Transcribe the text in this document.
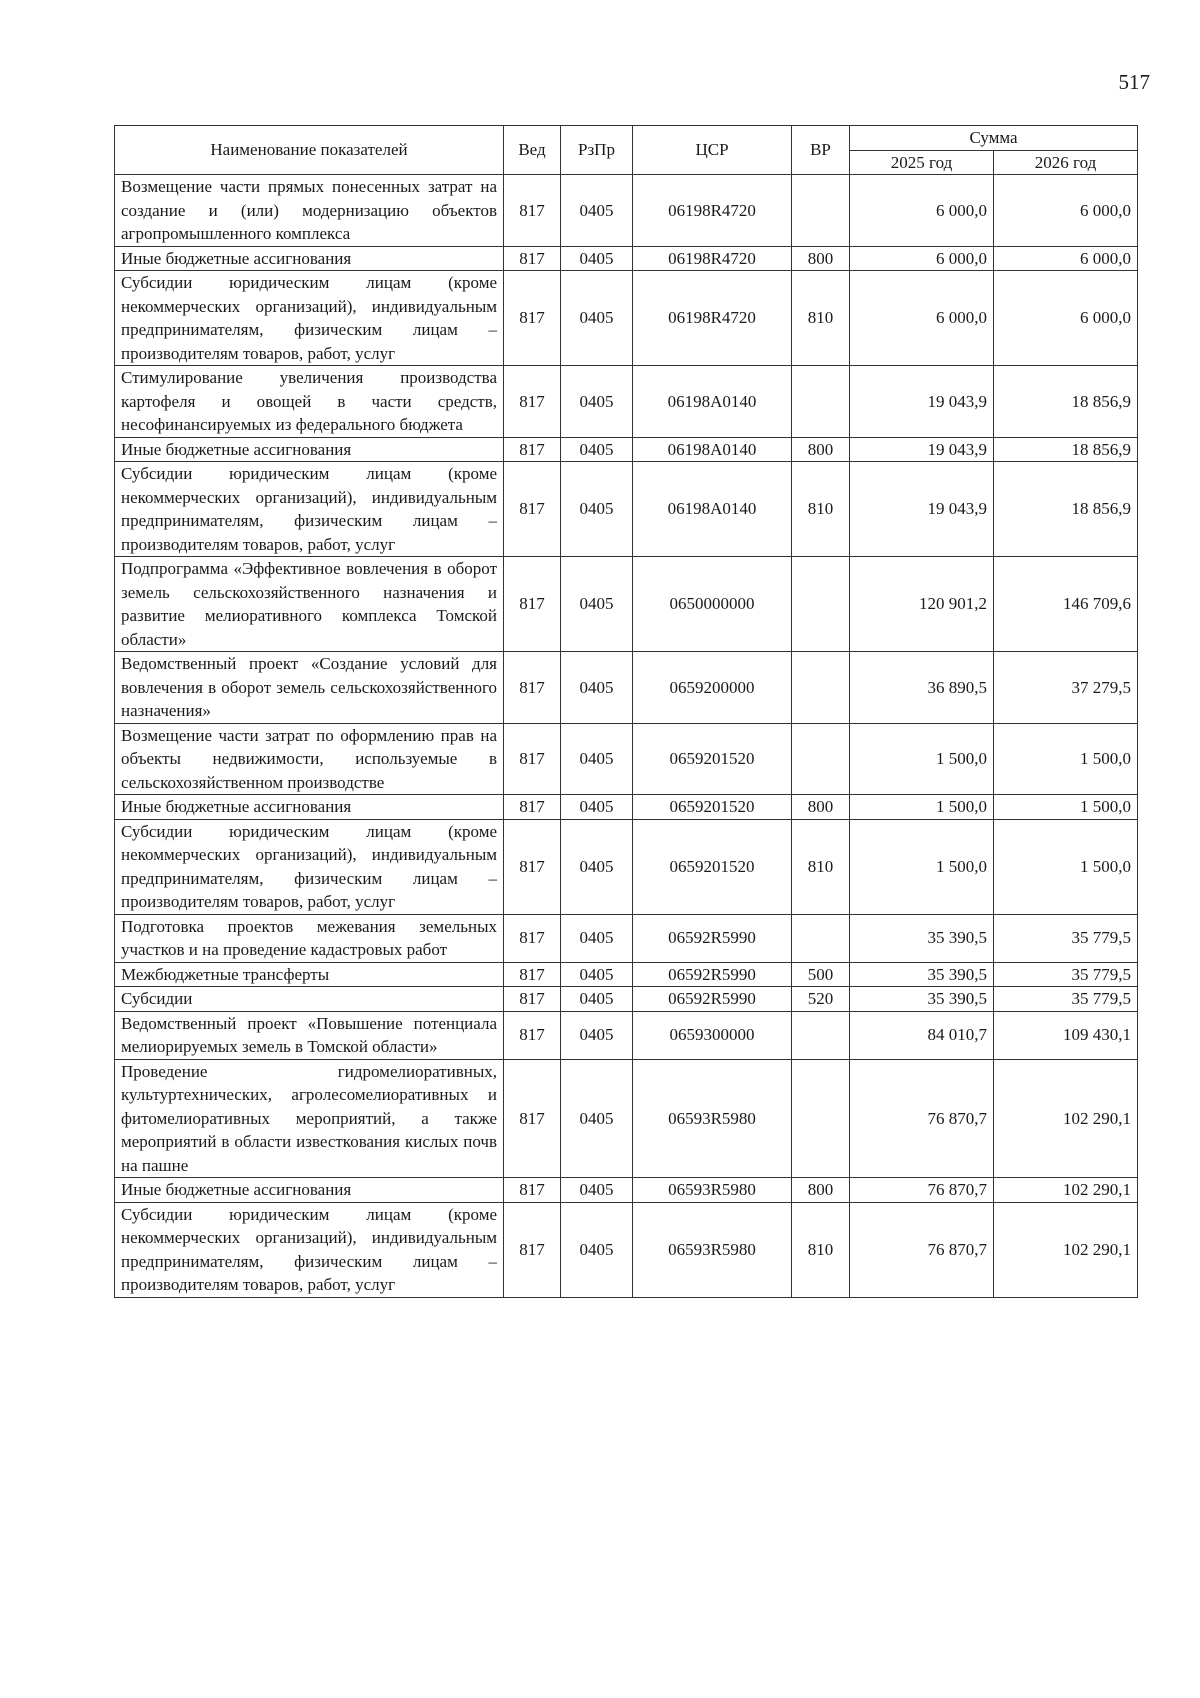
517
Наименование показателей	Вед	РзПр	ЦСР	ВР	Сумма	
					2025 год	2026 год
Возмещение части прямых понесенных затрат на создание и (или) модернизацию объектов агропромышленного комплекса	817	0405	06198R4720		6 000,0	6 000,0
Иные бюджетные ассигнования	817	0405	06198R4720	800	6 000,0	6 000,0
Субсидии юридическим лицам (кроме некоммерческих организаций), индивидуальным предпринимателям, физическим лицам – производителям товаров, работ, услуг	817	0405	06198R4720	810	6 000,0	6 000,0
Стимулирование увеличения производства картофеля и овощей в части средств, несофинансируемых из федерального бюджета	817	0405	06198A0140		19 043,9	18 856,9
Иные бюджетные ассигнования	817	0405	06198A0140	800	19 043,9	18 856,9
Субсидии юридическим лицам (кроме некоммерческих организаций), индивидуальным предпринимателям, физическим лицам – производителям товаров, работ, услуг	817	0405	06198A0140	810	19 043,9	18 856,9
Подпрограмма «Эффективное вовлечения в оборот земель сельскохозяйственного назначения и развитие мелиоративного комплекса Томской области»	817	0405	0650000000		120 901,2	146 709,6
Ведомственный проект «Создание условий для вовлечения в оборот земель сельскохозяйственного назначения»	817	0405	0659200000		36 890,5	37 279,5
Возмещение части затрат по оформлению прав на объекты недвижимости, используемые в сельскохозяйственном производстве	817	0405	0659201520		1 500,0	1 500,0
Иные бюджетные ассигнования	817	0405	0659201520	800	1 500,0	1 500,0
Субсидии юридическим лицам (кроме некоммерческих организаций), индивидуальным предпринимателям, физическим лицам – производителям товаров, работ, услуг	817	0405	0659201520	810	1 500,0	1 500,0
Подготовка проектов межевания земельных участков и на проведение кадастровых работ	817	0405	06592R5990		35 390,5	35 779,5
Межбюджетные трансферты	817	0405	06592R5990	500	35 390,5	35 779,5
Субсидии	817	0405	06592R5990	520	35 390,5	35 779,5
Ведомственный проект «Повышение потенциала мелиорируемых земель в Томской области»	817	0405	0659300000		84 010,7	109 430,1
Проведение гидромелиоративных, культуртехнических, агролесомелиоративных и фитомелиоративных мероприятий, а также мероприятий в области известкования кислых почв на пашне	817	0405	06593R5980		76 870,7	102 290,1
Иные бюджетные ассигнования	817	0405	06593R5980	800	76 870,7	102 290,1
Субсидии юридическим лицам (кроме некоммерческих организаций), индивидуальным предпринимателям, физическим лицам – производителям товаров, работ, услуг	817	0405	06593R5980	810	76 870,7	102 290,1
